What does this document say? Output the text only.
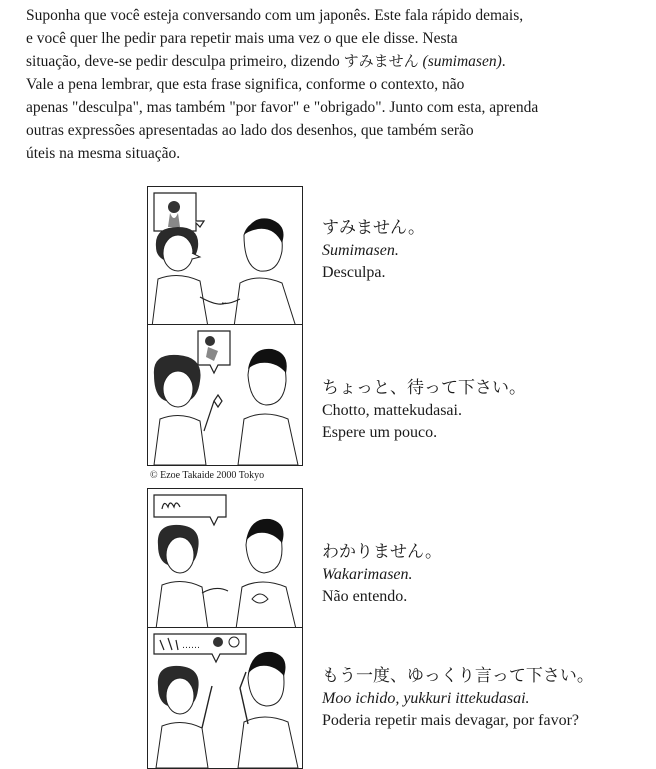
Suponha que você esteja conversando com um japonês. Este fala rápido demais,
e você quer lhe pedir para repetir mais uma vez o que ele disse. Nesta
situação, deve-se pedir desculpa primeiro, dizendo すみません (sumimasen).
Vale a pena lembrar, que esta frase significa, conforme o contexto, não
apenas "desculpa", mas também "por favor" e "obrigado". Junto com esta, aprenda
outras expressões apresentadas ao lado dos desenhos, que também serão
úteis na mesma situação.
すみません。
Sumimasen.
Desculpa.
ちょっと、待って下さい。
Chotto, mattekudasai.
Espere um pouco.
© Ezoe Takaide 2000 Tokyo
わかりません。
Wakarimasen.
Não entendo.
……
もう一度、ゆっくり言って下さい。
Moo ichido, yukkuri ittekudasai.
Poderia repetir mais devagar, por favor?
